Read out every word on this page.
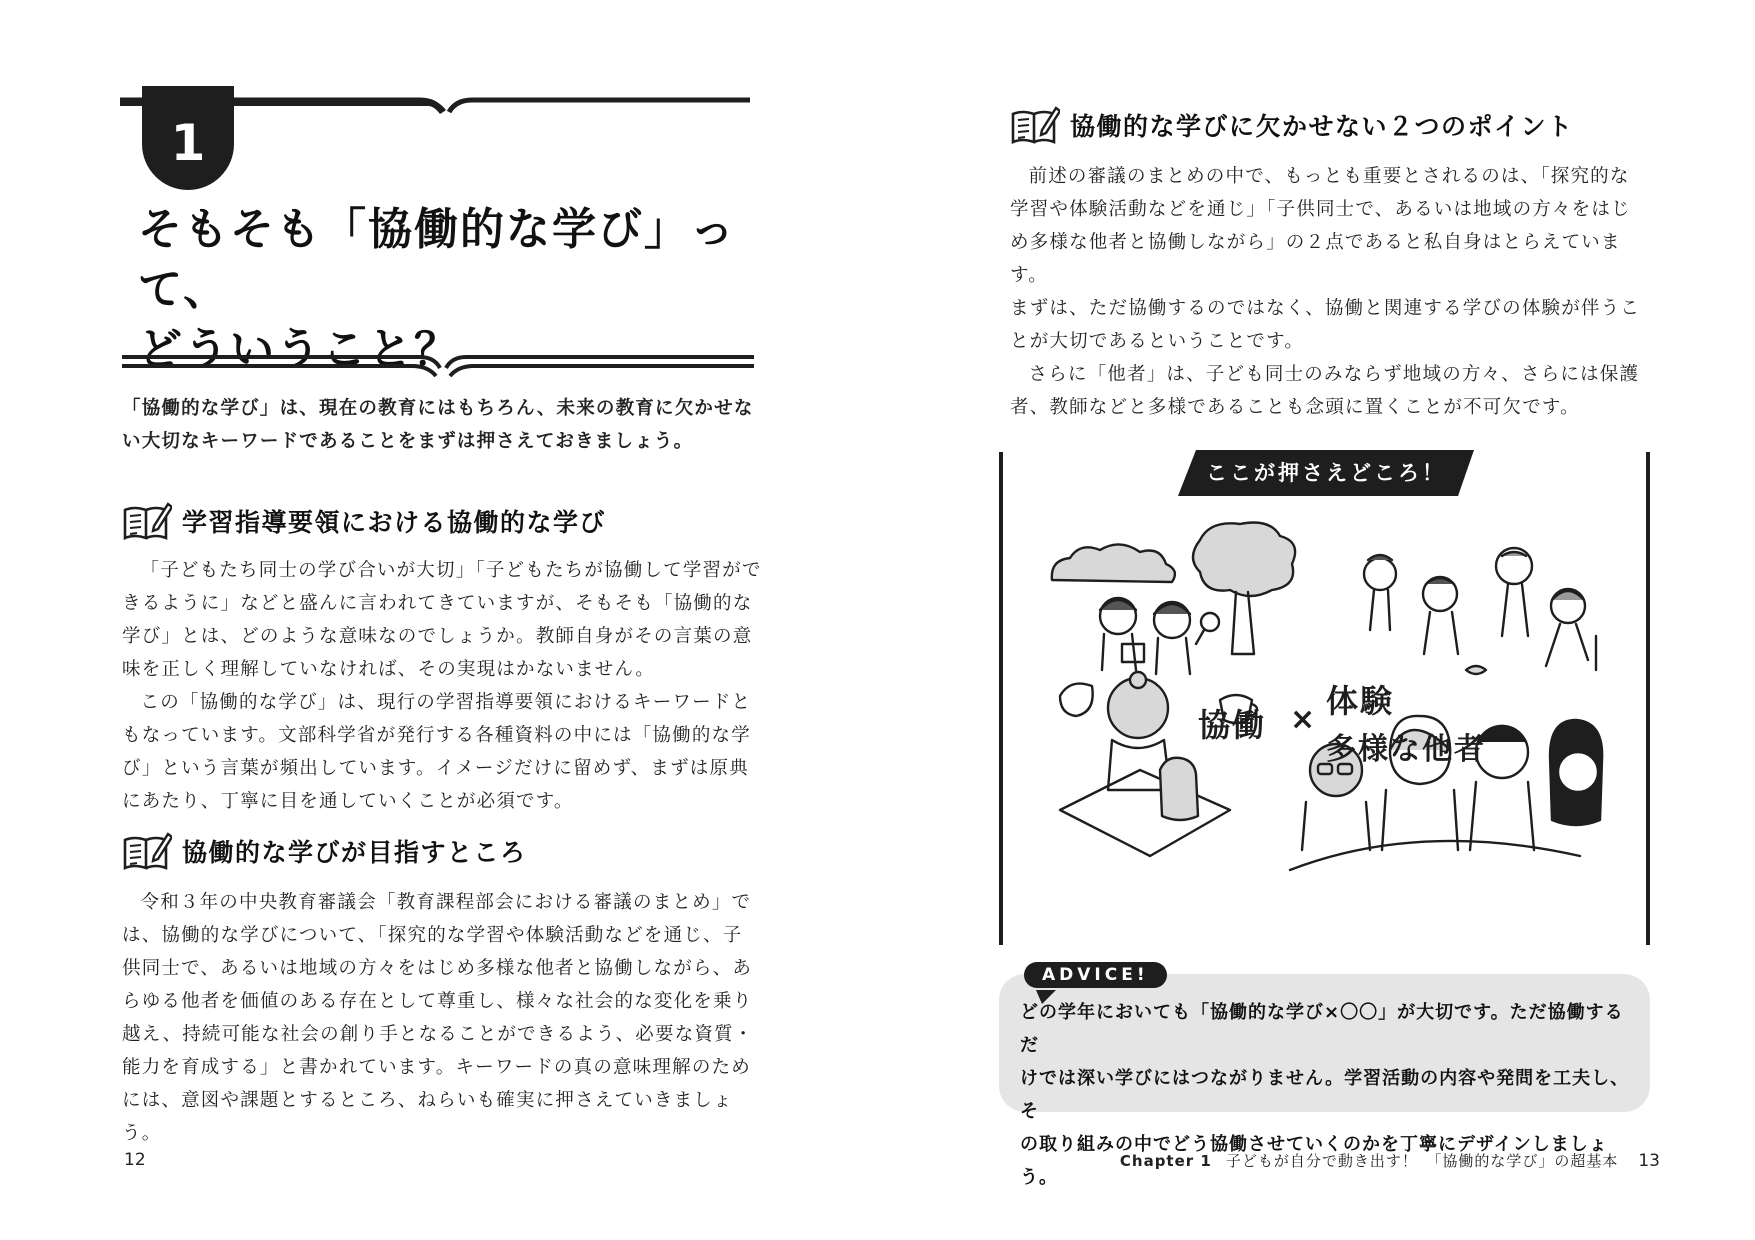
1
そもそも「協働的な学び」って、
どういうこと？
「協働的な学び」は、現在の教育にはもちろん、未来の教育に欠かせな
い大切なキーワードであることをまずは押さえておきましょう。
学習指導要領における協働的な学び

「子どもたち同士の学び合いが大切」「子どもたちが協働して学習がで

きるように」などと盛んに言われてきていますが、そもそも「協働的な
学び」とは、どのような意味なのでしょうか。教師自身がその言葉の意
味を正しく理解していなければ、その実現はかないません。

この「協働的な学び」は、現行の学習指導要領におけるキーワードと

もなっています。文部科学省が発行する各種資料の中には「協働的な学
び」という言葉が頻出しています。イメージだけに留めず、まずは原典
にあたり、丁寧に目を通していくことが必須です。
協働的な学びが目指すところ

令和３年の中央教育審議会「教育課程部会における審議のまとめ」で

は、協働的な学びについて、「探究的な学習や体験活動などを通じ、子
供同士で、あるいは地域の方々をはじめ多様な他者と協働しながら、あ
らゆる他者を価値のある存在として尊重し、様々な社会的な変化を乗り
越え、持続可能な社会の創り手となることができるよう、必要な資質・
能力を育成する」と書かれています。キーワードの真の意味理解のため
には、意図や課題とするところ、ねらいも確実に押さえていきましょう。
12
協働的な学びに欠かせない２つのポイント

前述の審議のまとめの中で、もっとも重要とされるのは、「探究的な

学習や体験活動などを通じ」「子供同士で、あるいは地域の方々をはじ
め多様な他者と協働しながら」の２点であると私自身はとらえています。
まずは、ただ協働するのではなく、協働と関連する学びの体験が伴うこ
とが大切であるということです。

さらに「他者」は、子ども同士のみならず地域の方々、さらには保護

者、教師などと多様であることも念頭に置くことが不可欠です。
ここが押さえどころ！
協働 × 体験
多様な他者
ADVICE!
どの学年においても「協働的な学び×〇〇」が大切です。ただ協働するだ
けでは深い学びにはつながりません。学習活動の内容や発問を工夫し、そ
の取り組みの中でどう協働させていくのかを丁寧にデザインしましょう。
Chapter 1 子どもが自分で動き出す！　「協働的な学び」の超基本 13
